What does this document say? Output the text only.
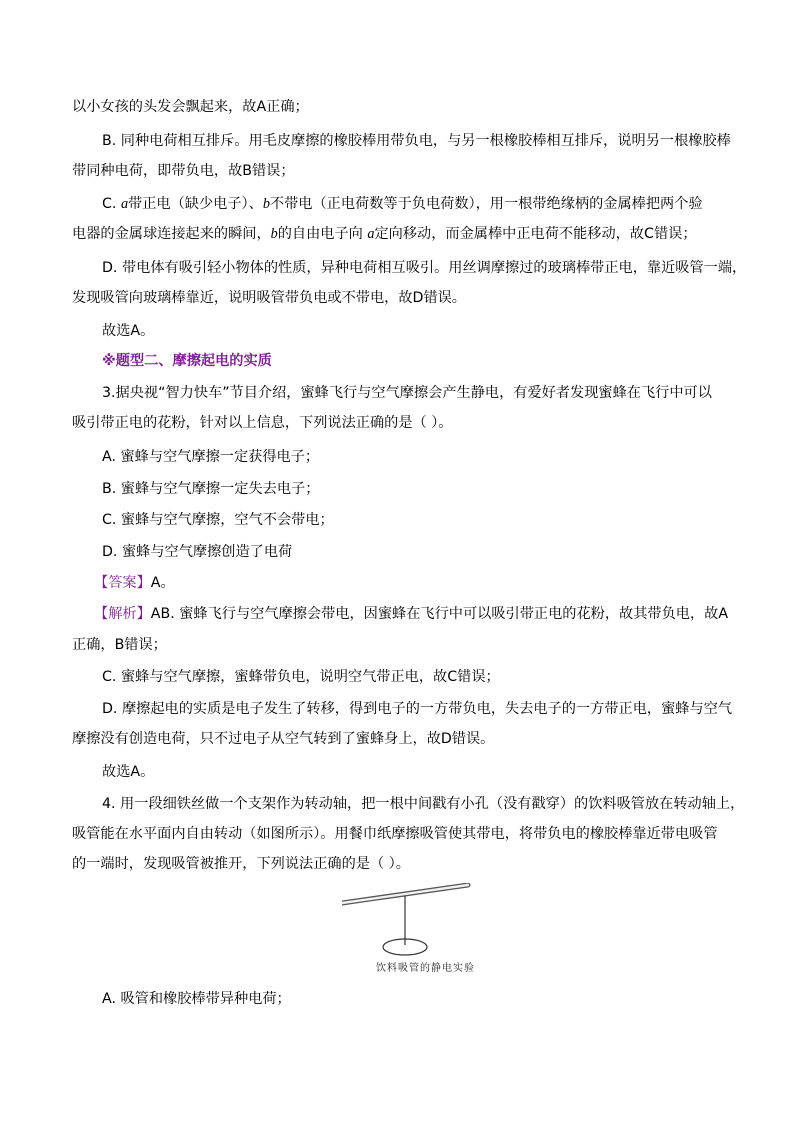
以小女孩的头发会飘起来，故A正确；
B. 同种电荷相互排斥。用毛皮摩擦的橡胶棒用带负电，与另一根橡胶棒相互排斥，说明另一根橡胶棒
带同种电荷，即带负电，故B错误；
C. a带正电（缺少电子）、b不带电（正电荷数等于负电荷数），用一根带绝缘柄的金属棒把两个验
电器的金属球连接起来的瞬间，b的自由电子向 a定向移动，而金属棒中正电荷不能移动，故C错误；
D. 带电体有吸引轻小物体的性质，异种电荷相互吸引。用丝调摩擦过的玻璃棒带正电，靠近吸管一端，
发现吸管向玻璃棒靠近，说明吸管带负电或不带电，故D错误。
故选A。
※题型二、摩擦起电的实质
3.据央视“智力快车”节目介绍，蜜蜂飞行与空气摩擦会产生静电，有爱好者发现蜜蜂在飞行中可以
吸引带正电的花粉，针对以上信息，下列说法正确的是（ ）。
A. 蜜蜂与空气摩擦一定获得电子；
B. 蜜蜂与空气摩擦一定失去电子；
C. 蜜蜂与空气摩擦，空气不会带电；
D. 蜜蜂与空气摩擦创造了电荷
【答案】A。
【解析】AB. 蜜蜂飞行与空气摩擦会带电，因蜜蜂在飞行中可以吸引带正电的花粉，故其带负电，故A
正确，B错误；
C. 蜜蜂与空气摩擦，蜜蜂带负电，说明空气带正电，故C错误；
D. 摩擦起电的实质是电子发生了转移，得到电子的一方带负电，失去电子的一方带正电，蜜蜂与空气
摩擦没有创造电荷，只不过电子从空气转到了蜜蜂身上，故D错误。
故选A。
4. 用一段细铁丝做一个支架作为转动轴，把一根中间戳有小孔（没有戳穿）的饮料吸管放在转动轴上，
吸管能在水平面内自由转动（如图所示）。用餐巾纸摩擦吸管使其带电，将带负电的橡胶棒靠近带电吸管
的一端时，发现吸管被推开，下列说法正确的是（ ）。
饮料吸管的静电实验
A. 吸管和橡胶棒带异种电荷；
